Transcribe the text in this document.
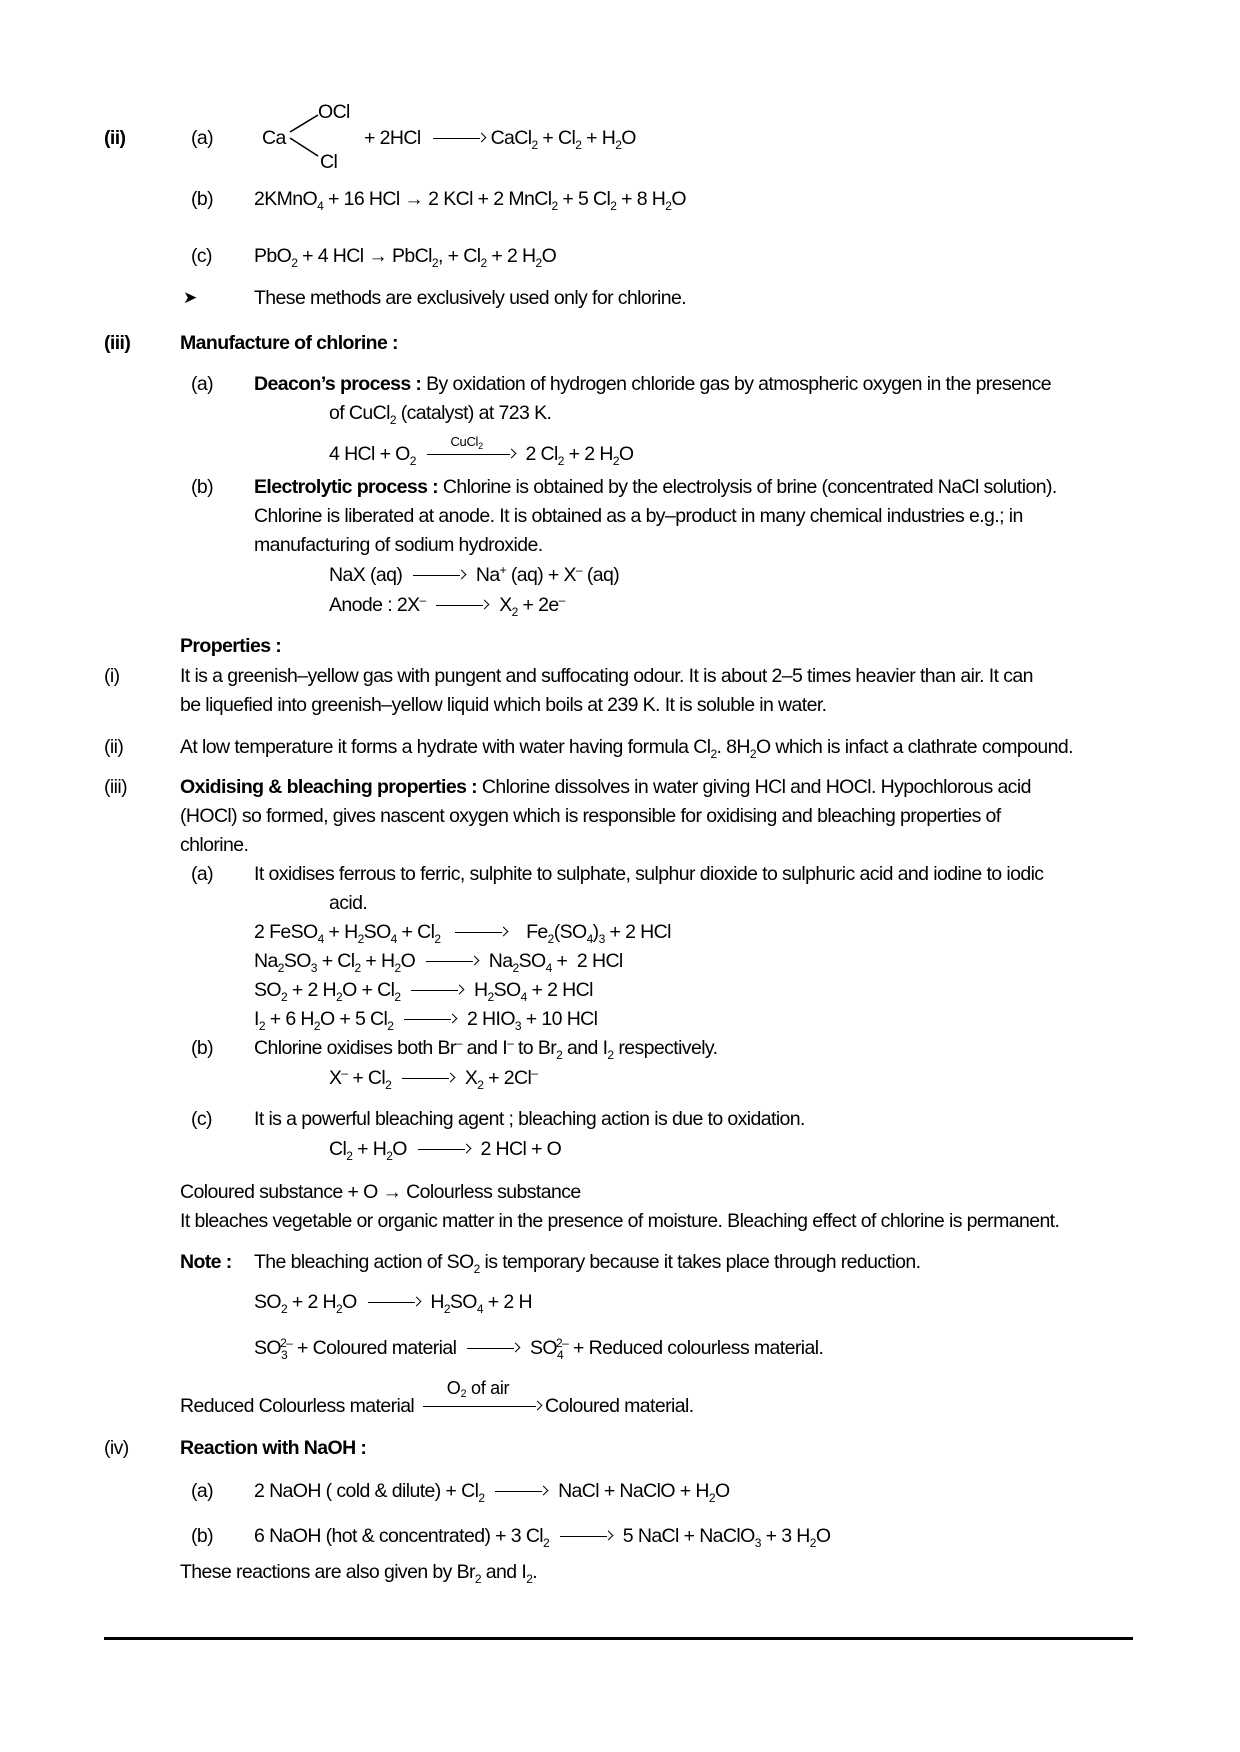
(ii)	(a)	Ca
OCl
Cl
+ 2HCl	CaCl$_2$ + $Cl_2 + H_2O$
(b) 2KMnO$_4$ + 16 HCl → 2 KCl + 2 MnCl$_2$ + 5 $Cl_2 + 8$ $H_2O$
(c) PbO$_2$ + 4 HCl → PbCl$_2$, + $Cl_2 + 2$ $H_2O$
➤	These methods are exclusively used only for chlorine.
(iii)	Manufacture of chlorine :
(a) Deacon’s process : By oxidation of hydrogen chloride gas by atmospheric oxygen in the presence
of CuCl$_2$ (catalyst) at 723 K.
4 HCl + $O_2$
CuCl$_2$	2 $Cl_2 + 2$ $H_2O$
(b) Electrolytic process : Chlorine is obtained by the electrolysis of brine (concentrated NaCl solution).
Chlorine is liberated at anode. It is obtained as a by–product in many chemical industries e.g.; in
manufacturing of sodium hydroxide.
NaX (aq)	Na+ (aq) + X– (aq)
Anode : 2X–	$X_2 + 2e^-$
Properties :
(i)	It is a greenish–yellow gas with pungent and suffocating odour. It is about 2–5 times heavier than air. It can
be liquefied into greenish–yellow liquid which boils at 239 K. It is soluble in water.
(ii)	At low temperature it forms a hydrate with water having formula $Cl_2$. $8H_2O$ which is infact a clathrate compound.
(iii)	Oxidising & bleaching properties : Chlorine dissolves in water giving HCl and HOCl. Hypochlorous acid
(HOCl) so formed, gives nascent oxygen which is responsible for oxidising and bleaching properties of
chlorine.
(a) It oxidises ferrous to ferric, sulphite to sulphate, sulphur dioxide to sulphuric acid and iodine to iodic
acid.
2 FeSO$_4$ + $H_2SO_4 + Cl_2$	$Fe_2(SO_4)_3 + 2$ HCl
$Na_2SO_3 + Cl_2 + H_2O$	$Na_2SO_4 + 2$ HCl
$SO_2 + 2$ $H_2O + Cl_2$	$H_2SO_4 + 2$ HCl
$I_2 + 6$ $H_2O + 5$ $Cl_2$	2 $HIO_3 + 10$ HCl
(b) Chlorine oxidises both Br– and I– to $Br_2$ and $I_2$ respectively.
$X^- + Cl_2$	$X_2 + 2Cl^-$
(c) It is a powerful bleaching agent ; bleaching action is due to oxidation.
$Cl_2 + H_2O$	2 HCl + O
Coloured substance + O → Colourless substance
It bleaches vegetable or organic matter in the presence of moisture. Bleaching effect of chlorine is permanent.
Note : The bleaching action of $SO_2$ is temporary because it takes place through reduction.
$SO_2 + 2$ $H_2O$	$H_2SO_4 + 2$ H
$SO_3^{2-}$ + Coloured material	$SO_4^{2-}$ + Reduced colourless material.
Reduced Colourless material
$O_2$ of air
Coloured material.
(iv)	Reaction with NaOH :
(a) 2 NaOH ( cold & dilute) + $Cl_2$	NaCl + NaClO + $H_2O$
(b) 6 NaOH (hot & concentrated) + 3 $Cl_2$	5 NaCl + NaClO$_3$ + 3 $H_2O$
These reactions are also given by $Br_2$ and $I_2$.
